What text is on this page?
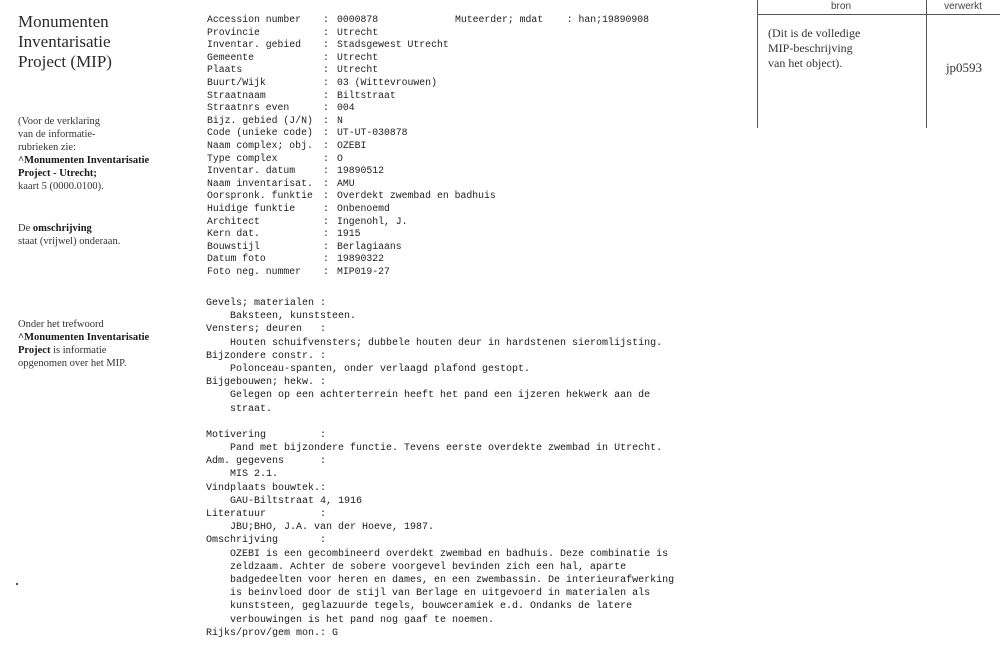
Monumenten
Inventarisatie
Project (MIP)
(Voor de verklaring
van de informatie-
rubrieken zie:
^Monumenten Inventarisatie
Project - Utrecht;
kaart 5 (0000.0100).
De omschrijving
staat (vrijwel) onderaan.
Onder het trefwoord
^Monumenten Inventarisatie
Project is informatie
opgenomen over het MIP.
bron	verwerkt
(Dit is de volledige
MIP-beschrijving
van het object).	jp0593
Muteerder; mdat : han;19890908
Accession number : 0000878
Provincie	: Utrecht
Inventar. gebied : Stadsgewest Utrecht
Gemeente	: Utrecht
Plaats	: Utrecht
Buurt/Wijk	: 03 (Wittevrouwen)
Straatnaam	: Biltstraat
Straatnrs even	: 004
Bijz. gebied (J/N) : N
Code (unieke code) : UT-UT-030878
Naam complex; obj. : OZEBI
Type complex	: O
Inventar. datum	: 19890512
Naam inventarisat. : AMU
Oorspronk. funktie : Overdekt zwembad en badhuis
Huidige funktie	: Onbenoemd
Architect	: Ingenohl, J.
Kern dat.	: 1915
Bouwstijl	: Berlagiaans
Datum foto	: 19890322
Foto neg. nummer : MIP019-27
Gevels; materialen :
Baksteen, kunststeen.
Vensters; deuren   :
Houten schuifvensters; dubbele houten deur in hardstenen sieromlijsting.
Bijzondere constr. :
Polonceau-spanten, onder verlaagd plafond gestopt.
Bijgebouwen; hekw. :
Gelegen op een achterterrein heeft het pand een ijzeren hekwerk aan de
straat.
Motivering         :
Pand met bijzondere functie. Tevens eerste overdekte zwembad in Utrecht.
Adm. gegevens      :
MIS 2.1.
Vindplaats bouwtek.:
GAU-Biltstraat 4, 1916
Literatuur         :
JBU;BHO, J.A. van der Hoeve, 1987.
Omschrijving       :
OZEBI is een gecombineerd overdekt zwembad en badhuis. Deze combinatie is
zeldzaam. Achter de sobere voorgevel bevinden zich een hal, aparte
badgedeelten voor heren en dames, en een zwembassin. De interieurafwerking
is beinvloed door de stijl van Berlage en uitgevoerd in materialen als
kunststeen, geglazuurde tegels, bouwceramiek e.d. Ondanks de latere
verbouwingen is het pand nog gaaf te noemen.
Rijks/prov/gem mon.: G
